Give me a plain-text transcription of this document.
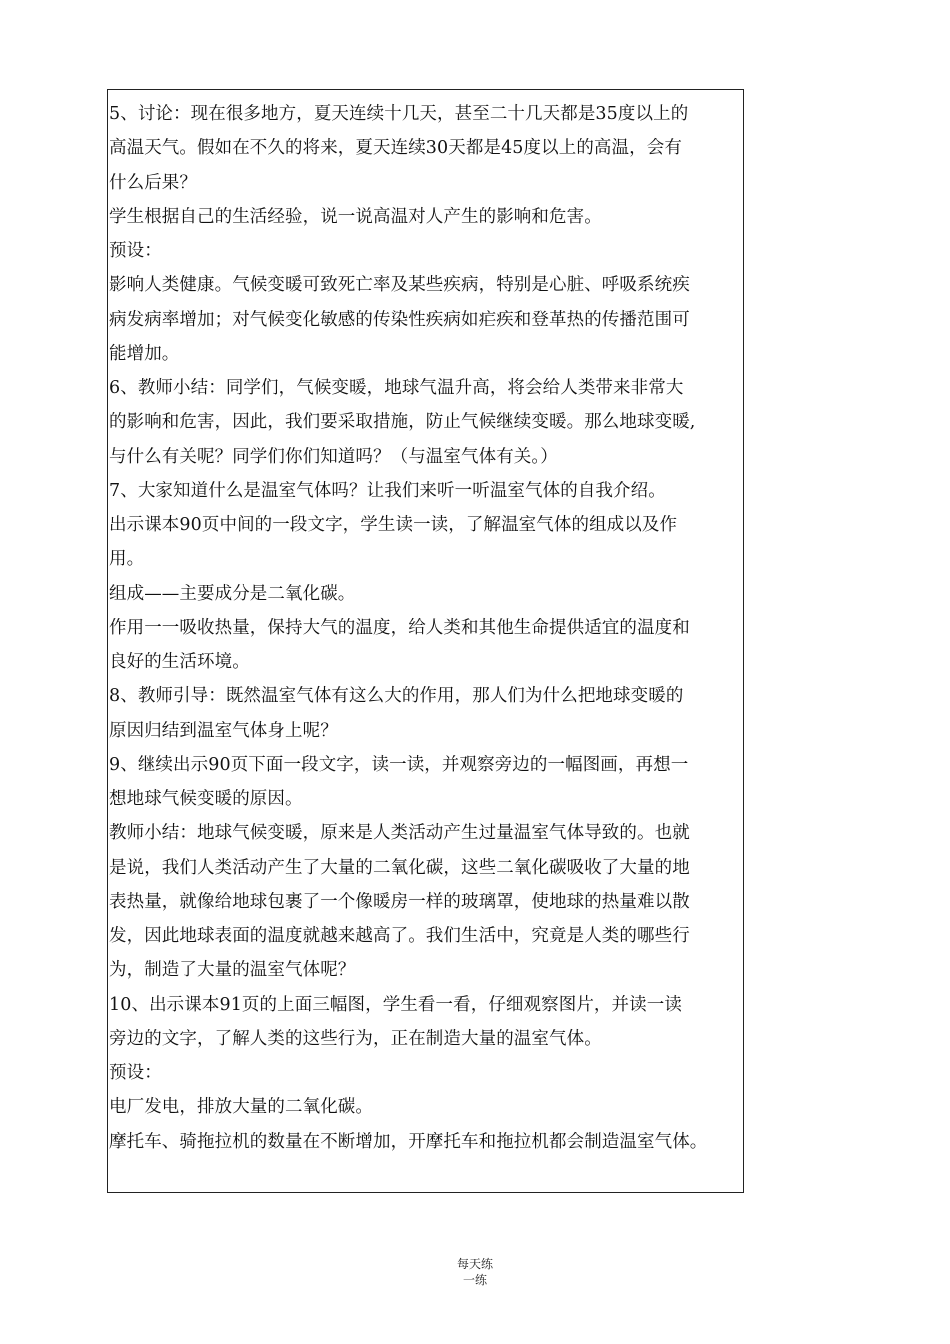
5、讨论：现在很多地方，夏天连续十几天，甚至二十几天都是35度以上的
高温天气。假如在不久的将来，夏天连续30天都是45度以上的高温，会有
什么后果？
学生根据自己的生活经验，说一说高温对人产生的影响和危害。
预设：
影响人类健康。气候变暖可致死亡率及某些疾病，特别是心脏、呼吸系统疾
病发病率增加；对气候变化敏感的传染性疾病如疟疾和登革热的传播范围可
能增加。
6、教师小结：同学们，气候变暖，地球气温升高，将会给人类带来非常大
的影响和危害，因此，我们要采取措施，防止气候继续变暖。那么地球变暖,
与什么有关呢？同学们你们知道吗？（与温室气体有关。）
7、大家知道什么是温室气体吗？让我们来听一听温室气体的自我介绍。
出示课本90页中间的一段文字，学生读一读，了解温室气体的组成以及作
用。
组成——主要成分是二氧化碳。
作用一一吸收热量，保持大气的温度，给人类和其他生命提供适宜的温度和
良好的生活环境。
8、教师引导：既然温室气体有这么大的作用，那人们为什么把地球变暖的
原因归结到温室气体身上呢？
9、继续出示90页下面一段文字，读一读，并观察旁边的一幅图画，再想一
想地球气候变暖的原因。
教师小结：地球气候变暖，原来是人类活动产生过量温室气体导致的。也就
是说，我们人类活动产生了大量的二氧化碳，这些二氧化碳吸收了大量的地
表热量，就像给地球包裹了一个像暖房一样的玻璃罩，使地球的热量难以散
发，因此地球表面的温度就越来越高了。我们生活中，究竟是人类的哪些行
为，制造了大量的温室气体呢？
10、出示课本91页的上面三幅图，学生看一看，仔细观察图片，并读一读
旁边的文字，了解人类的这些行为，正在制造大量的温室气体。
预设：
电厂发电，排放大量的二氧化碳。
摩托车、骑拖拉机的数量在不断增加，开摩托车和拖拉机都会制造温室气体。
每天练
一练
